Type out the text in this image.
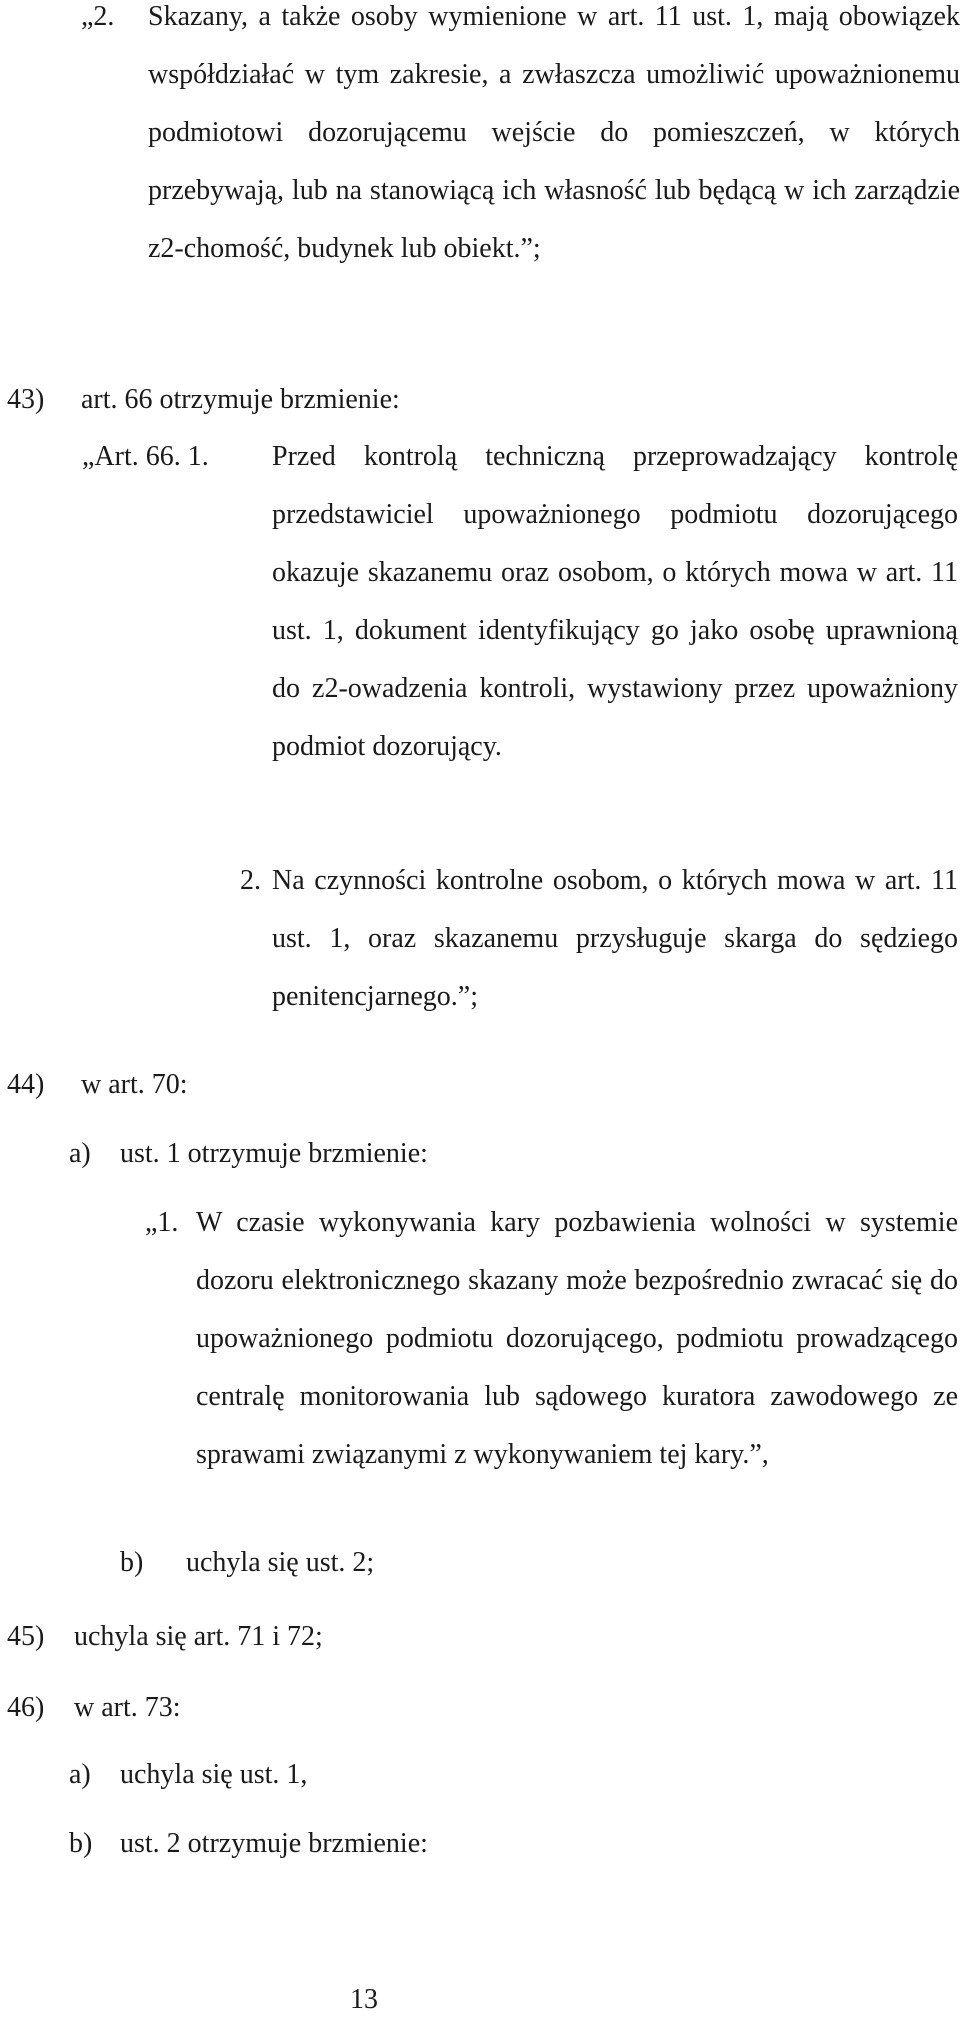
„2. Skazany, a także osoby wymienione w art. 11 ust. 1, mają obowiązek współdziałać w tym zakresie, a zwłaszcza umożliwić upoważnionemu podmiotowi dozorującemu wejście do pomieszczeń, w których przebywają, lub na stanowiącą ich własność lub będącą w ich zarządzie z2-chomość, budynek lub obiekt.”;
43) art. 66 otrzymuje brzmienie:
„Art. 66. 1. Przed kontrolą techniczną przeprowadzający kontrolę przedstawiciel upoważnionego podmiotu dozorującego okazuje skazanemu oraz osobom, o których mowa w art. 11 ust. 1, dokument identyfikujący go jako osobę uprawnioną do z2-owadzenia kontroli, wystawiony przez upoważniony podmiot dozorujący.
2. Na czynności kontrolne osobom, o których mowa w art. 11 ust. 1, oraz skazanemu przysługuje skarga do sędziego penitencjarnego.”;
44) w art. 70:
a) ust. 1 otrzymuje brzmienie:
„1. W czasie wykonywania kary pozbawienia wolności w systemie dozoru elektronicznego skazany może bezpośrednio zwracać się do upoważnionego podmiotu dozorującego, podmiotu prowadzącego centralę monitorowania lub sądowego kuratora zawodowego ze sprawami związanymi z wykonywaniem tej kary.”,
b) uchyla się ust. 2;
45) uchyla się art. 71 i 72;
46) w art. 73:
a) uchyla się ust. 1,
b) ust. 2 otrzymuje brzmienie:
13
